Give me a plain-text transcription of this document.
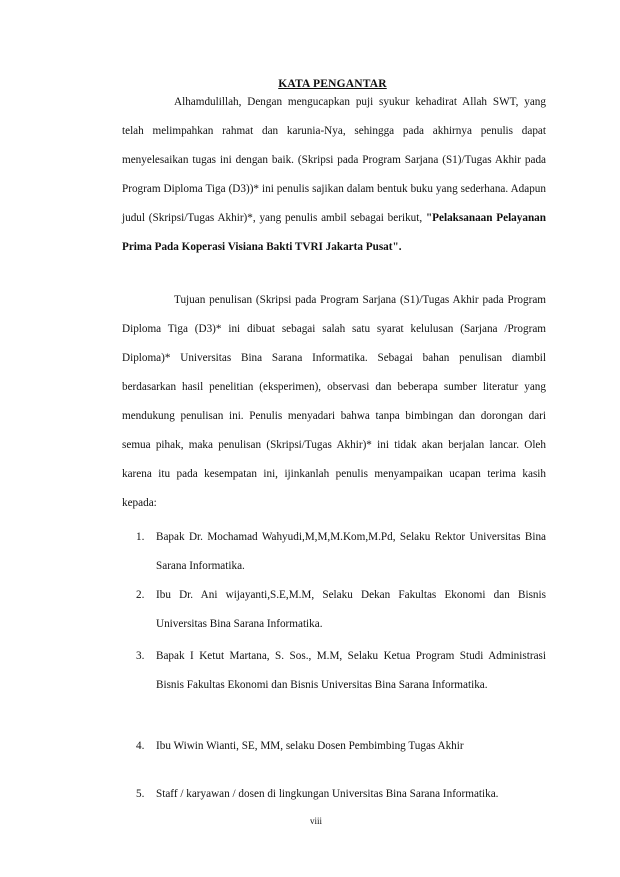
KATA PENGANTAR

Alhamdulillah, Dengan mengucapkan puji syukur kehadirat Allah SWT, yang telah melimpahkan rahmat dan karunia-Nya, sehingga pada akhirnya penulis dapat menyelesaikan tugas ini dengan baik. (Skripsi pada Program Sarjana (S1)/Tugas Akhir pada Program Diploma Tiga (D3))* ini penulis sajikan dalam bentuk buku yang sederhana. Adapun judul (Skripsi/Tugas Akhir)*, yang penulis ambil sebagai berikut, "Pelaksanaan Pelayanan Prima Pada Koperasi Visiana Bakti TVRI Jakarta Pusat".

Tujuan penulisan (Skripsi pada Program Sarjana (S1)/Tugas Akhir pada Program Diploma Tiga (D3)* ini dibuat sebagai salah satu syarat kelulusan (Sarjana /Program Diploma)* Universitas Bina Sarana Informatika. Sebagai bahan penulisan diambil berdasarkan hasil penelitian (eksperimen), observasi dan beberapa sumber literatur yang mendukung penulisan ini. Penulis menyadari bahwa tanpa bimbingan dan dorongan dari semua pihak, maka penulisan (Skripsi/Tugas Akhir)* ini tidak akan berjalan lancar. Oleh karena itu pada kesempatan ini, ijinkanlah penulis menyampaikan ucapan terima kasih kepada:

1. Bapak Dr. Mochamad Wahyudi,M,M,M.Kom,M.Pd, Selaku Rektor Universitas Bina Sarana Informatika.
2. Ibu Dr. Ani wijayanti,S.E,M.M, Selaku Dekan Fakultas Ekonomi dan Bisnis Universitas Bina Sarana Informatika.
3. Bapak I Ketut Martana, S. Sos., M.M, Selaku Ketua Program Studi Administrasi Bisnis Fakultas Ekonomi dan Bisnis Universitas Bina Sarana Informatika.
4. Ibu Wiwin Wianti, SE, MM, selaku Dosen Pembimbing Tugas Akhir
5. Staff / karyawan / dosen di lingkungan Universitas Bina Sarana Informatika.
viii
